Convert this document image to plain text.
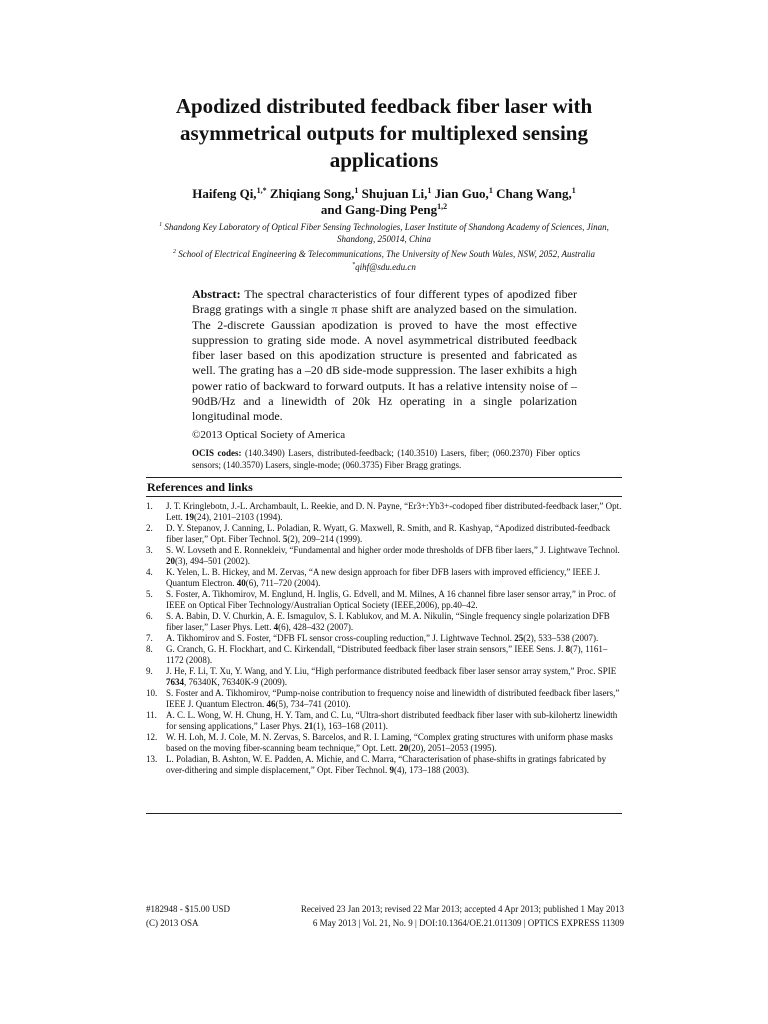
Apodized distributed feedback fiber laser with asymmetrical outputs for multiplexed sensing applications
Haifeng Qi,$^{1,*}$ Zhiqiang Song,$^1$ Shujuan Li,$^1$ Jian Guo,$^1$ Chang Wang,$^1$
and Gang-Ding Peng$^{1,2}$
$^1$ Shandong Key Laboratory of Optical Fiber Sensing Technologies, Laser Institute of Shandong Academy of Sciences, Jinan, Shandong, 250014, China
$^2$ School of Electrical Engineering & Telecommunications, The University of New South Wales, NSW, 2052, Australia
*qihf@sdu.edu.cn
Abstract: The spectral characteristics of four different types of apodized fiber Bragg gratings with a single π phase shift are analyzed based on the simulation. The 2-discrete Gaussian apodization is proved to have the most effective suppression to grating side mode. A novel asymmetrical distributed feedback fiber laser based on this apodization structure is presented and fabricated as well. The grating has a –20 dB side-mode suppression. The laser exhibits a high power ratio of backward to forward outputs. It has a relative intensity noise of –90dB/Hz and a linewidth of 20k Hz operating in a single polarization longitudinal mode.
©2013 Optical Society of America
OCIS codes: (140.3490) Lasers, distributed-feedback; (140.3510) Lasers, fiber; (060.2370) Fiber optics sensors; (140.3570) Lasers, single-mode; (060.3735) Fiber Bragg gratings.
References and links
1.	J. T. Kringlebotn, J.-L. Archambault, L. Reekie, and D. N. Payne, “Er3+:Yb3+-codoped fiber distributed-feedback laser,” Opt. Lett. 19(24), 2101–2103 (1994).
2.	D. Y. Stepanov, J. Canning, L. Poladian, R. Wyatt, G. Maxwell, R. Smith, and R. Kashyap, “Apodized distributed-feedback fiber laser,” Opt. Fiber Technol. 5(2), 209–214 (1999).
3.	S. W. Lovseth and E. Ronnekleiv, “Fundamental and higher order mode thresholds of DFB fiber laers,” J. Lightwave Technol. 20(3), 494–501 (2002).
4.	K. Yelen, L. B. Hickey, and M. Zervas, “A new design approach for fiber DFB lasers with improved efficiency,” IEEE J. Quantum Electron. 40(6), 711–720 (2004).
5.	S. Foster, A. Tikhomirov, M. Englund, H. Inglis, G. Edvell, and M. Milnes, A 16 channel fibre laser sensor array,” in Proc. of IEEE on Optical Fiber Technology/Australian Optical Society (IEEE,2006), pp.40–42.
6.	S. A. Babin, D. V. Churkin, A. E. Ismagulov, S. I. Kablukov, and M. A. Nikulin, “Single frequency single polarization DFB fiber laser,” Laser Phys. Lett. 4(6), 428–432 (2007).
7.	A. Tikhomirov and S. Foster, “DFB FL sensor cross-coupling reduction,” J. Lightwave Technol. 25(2), 533–538 (2007).
8.	G. Cranch, G. H. Flockhart, and C. Kirkendall, “Distributed feedback fiber laser strain sensors,” IEEE Sens. J. 8(7), 1161–1172 (2008).
9.	J. He, F. Li, T. Xu, Y. Wang, and Y. Liu, “High performance distributed feedback fiber laser sensor array system,” Proc. SPIE 7634, 76340K, 76340K-9 (2009).
10. S. Foster and A. Tikhomirov, “Pump-noise contribution to frequency noise and linewidth of distributed feedback fiber lasers,” IEEE J. Quantum Electron. 46(5), 734–741 (2010).
11.	A. C. L. Wong, W. H. Chung, H. Y. Tam, and C. Lu, “Ultra-short distributed feedback fiber laser with sub-kilohertz linewidth for sensing applications,” Laser Phys. 21(1), 163–168 (2011).
12. W. H. Loh, M. J. Cole, M. N. Zervas, S. Barcelos, and R. I. Laming, “Complex grating structures with uniform phase masks based on the moving fiber-scanning beam technique,” Opt. Lett. 20(20), 2051–2053 (1995).
13. L. Poladian, B. Ashton, W. E. Padden, A. Michie, and C. Marra, “Characterisation of phase-shifts in gratings fabricated by over-dithering and simple displacement,” Opt. Fiber Technol. 9(4), 173–188 (2003).
#182948 - $15.00 USD
(C) 2013 OSA
Received 23 Jan 2013; revised 22 Mar 2013; accepted 4 Apr 2013; published 1 May 2013
6 May 2013 | Vol. 21, No. 9 | DOI:10.1364/OE.21.011309 | OPTICS EXPRESS 11309
